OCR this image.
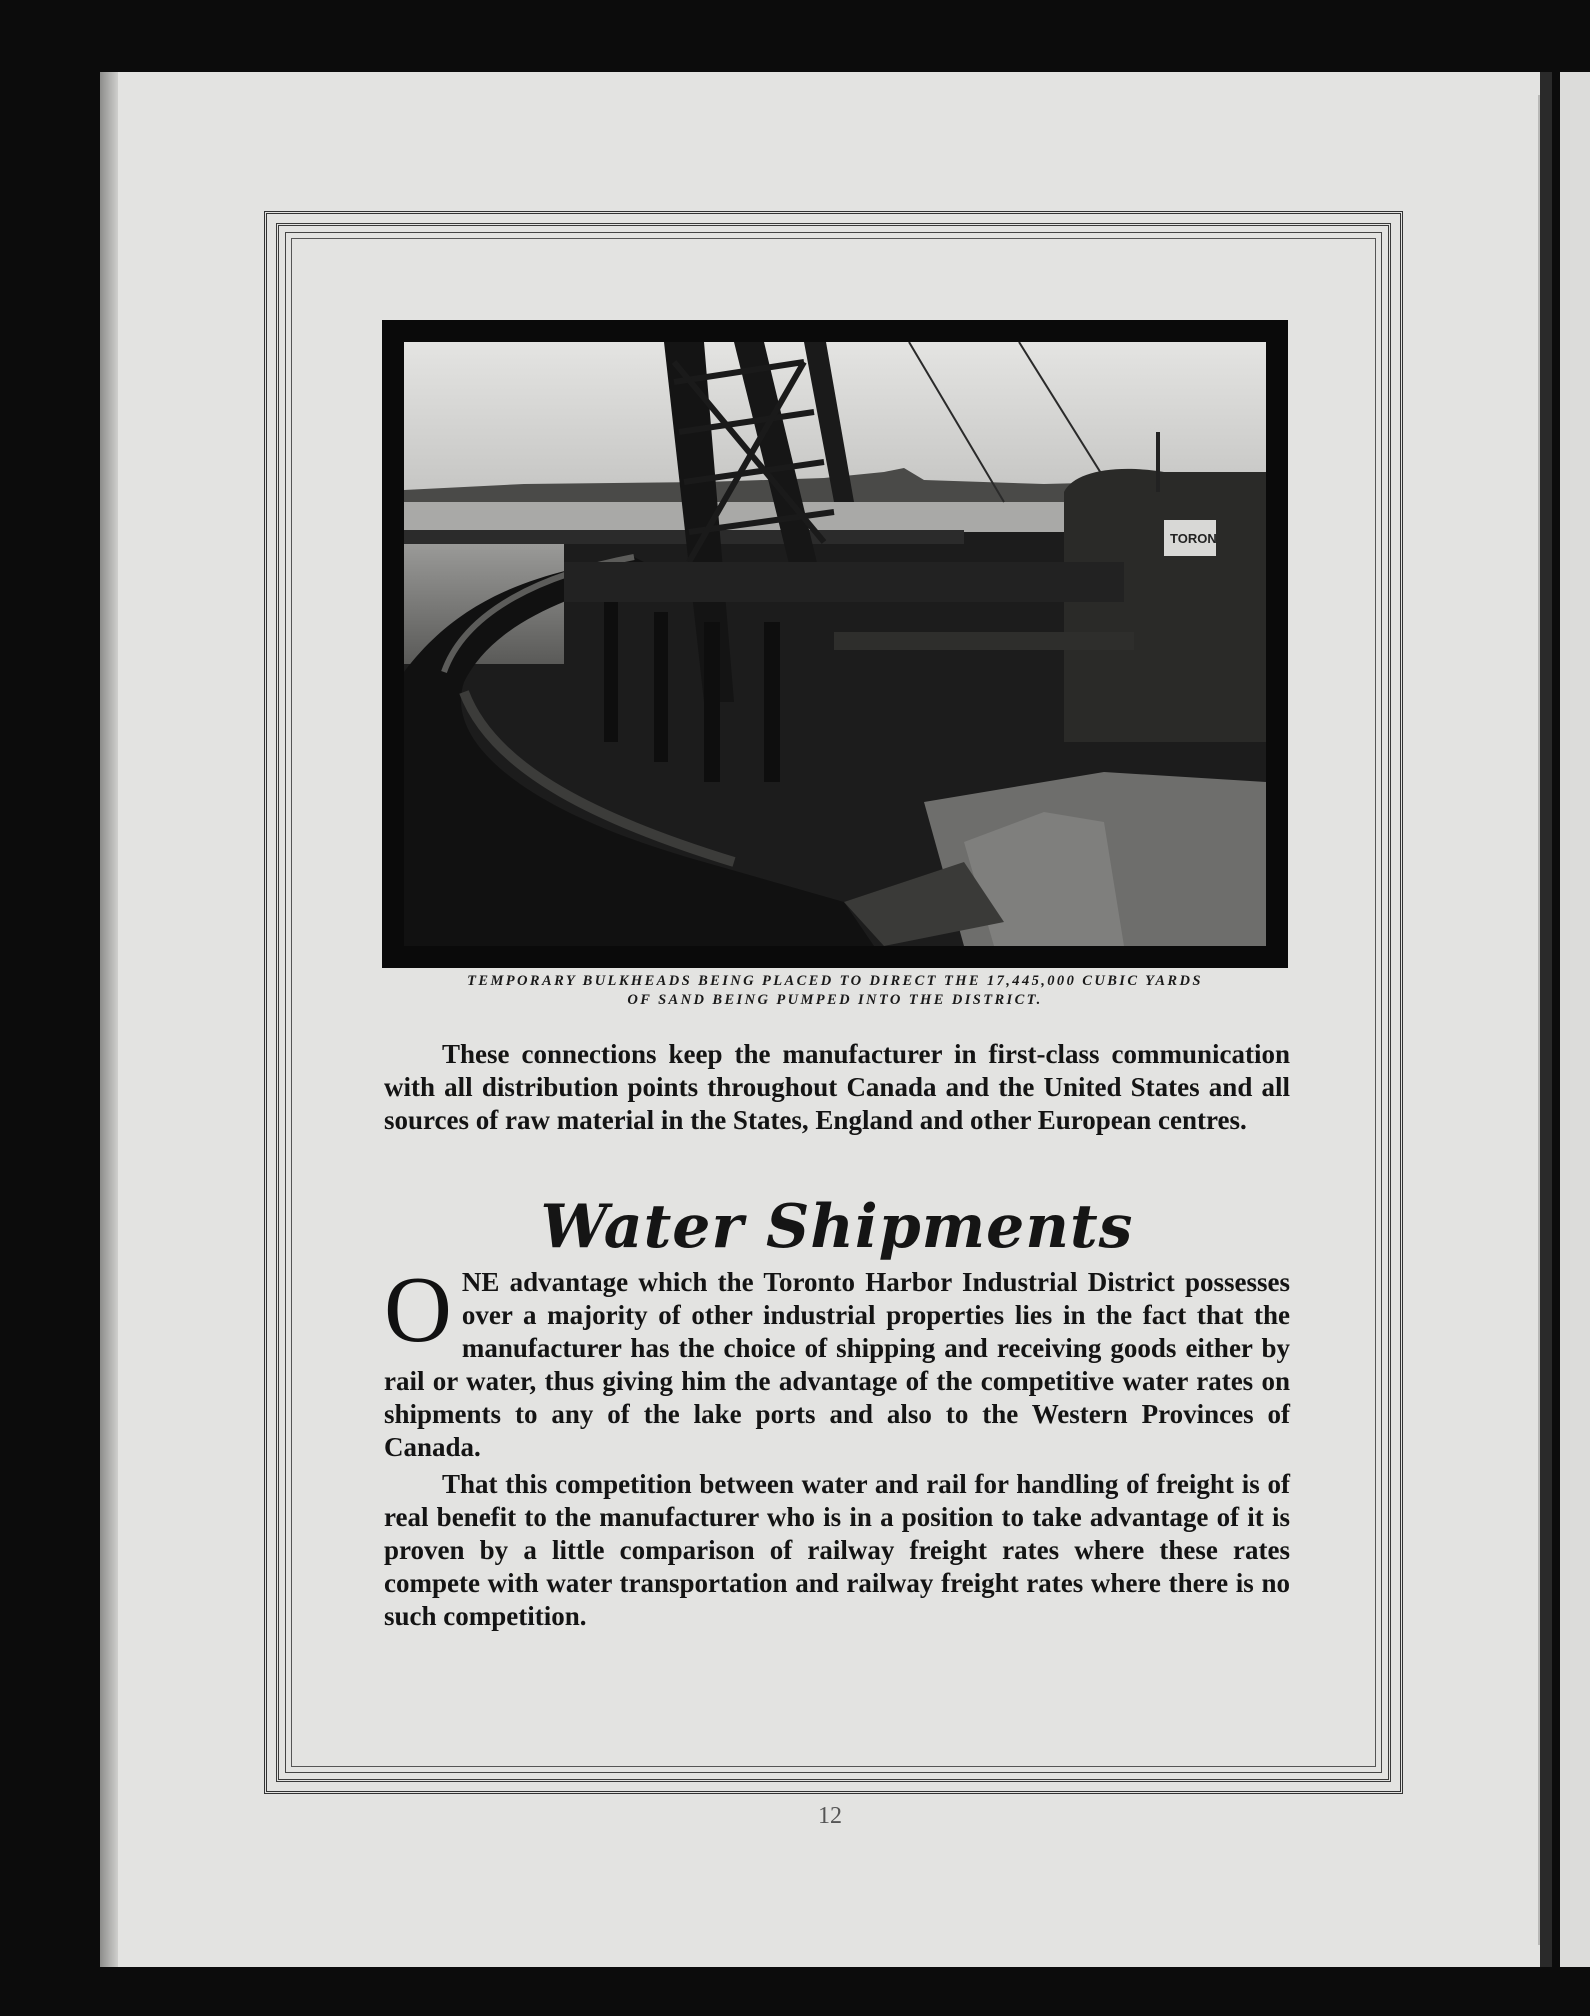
TORON
TEMPORARY BULKHEADS BEING PLACED TO DIRECT THE 17,445,000 CUBIC YARDS
OF SAND BEING PUMPED INTO THE DISTRICT.
These connections keep the manufacturer in first-class communication with all distribution points throughout Canada and the United States and all sources of raw material in the States, England and other European centres.
Water Shipments
O NE advantage which the Toronto Harbor Industrial District possesses over a majority of other industrial properties lies in the fact that the manufacturer has the choice of shipping and receiving goods either by rail or water, thus giving him the advantage of the competitive water rates on shipments to any of the lake ports and also to the Western Provinces of Canada.
That this competition between water and rail for handling of freight is of real benefit to the manufacturer who is in a position to take advantage of it is proven by a little comparison of railway freight rates where these rates compete with water transportation and railway freight rates where there is no such competition.
12
